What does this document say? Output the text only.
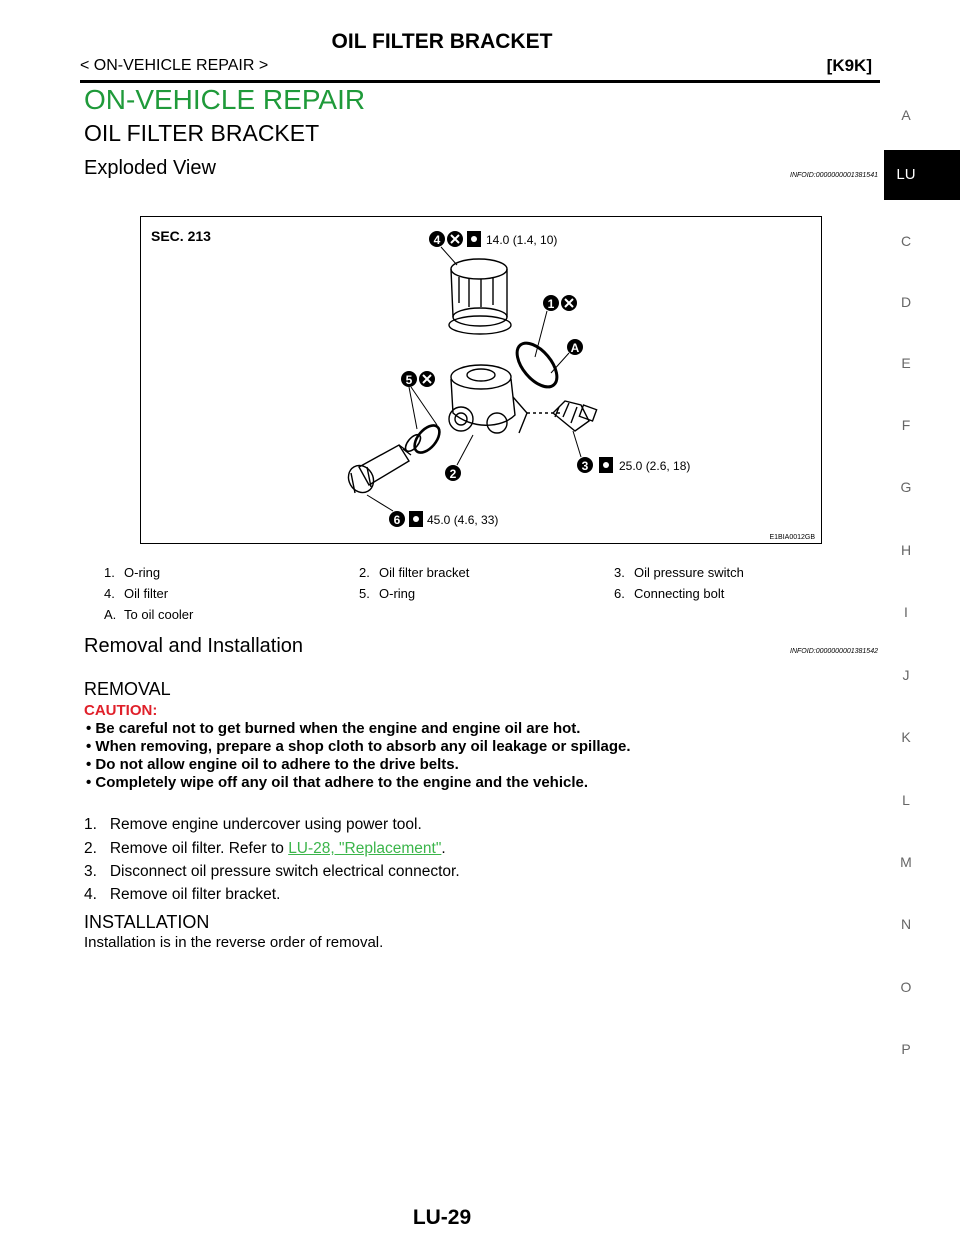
OIL FILTER BRACKET
< ON-VEHICLE REPAIR >	[K9K]
ON-VEHICLE REPAIR
OIL FILTER BRACKET
Exploded View	INFOID:0000000001381541
SEC. 213	4	14.0 (1.4, 10)
1
A
5
2
3	25.0 (2.6, 18)
6 45.0 (4.6, 33)
E1BIA0012GB
1. O-ring	2. Oil filter bracket	3. Oil pressure switch
4. Oil filter	5. O-ring	6. Connecting bolt
A. To oil cooler
Removal and Installation	INFOID:0000000001381542
REMOVAL
CAUTION:
• Be careful not to get burned when the engine and engine oil are hot.
• When removing, prepare a shop cloth to absorb any oil leakage or spillage.
• Do not allow engine oil to adhere to the drive belts.
• Completely wipe off any oil that adhere to the engine and the vehicle.
1. Remove engine undercover using power tool.
2. Remove oil filter. Refer to LU-28, "Replacement".
3. Disconnect oil pressure switch electrical connector.
4. Remove oil filter bracket.
INSTALLATION
Installation is in the reverse order of removal.
LU-29
A
LU
C
D
E
F
G
H
I
J
K
L
M
N
O
P
